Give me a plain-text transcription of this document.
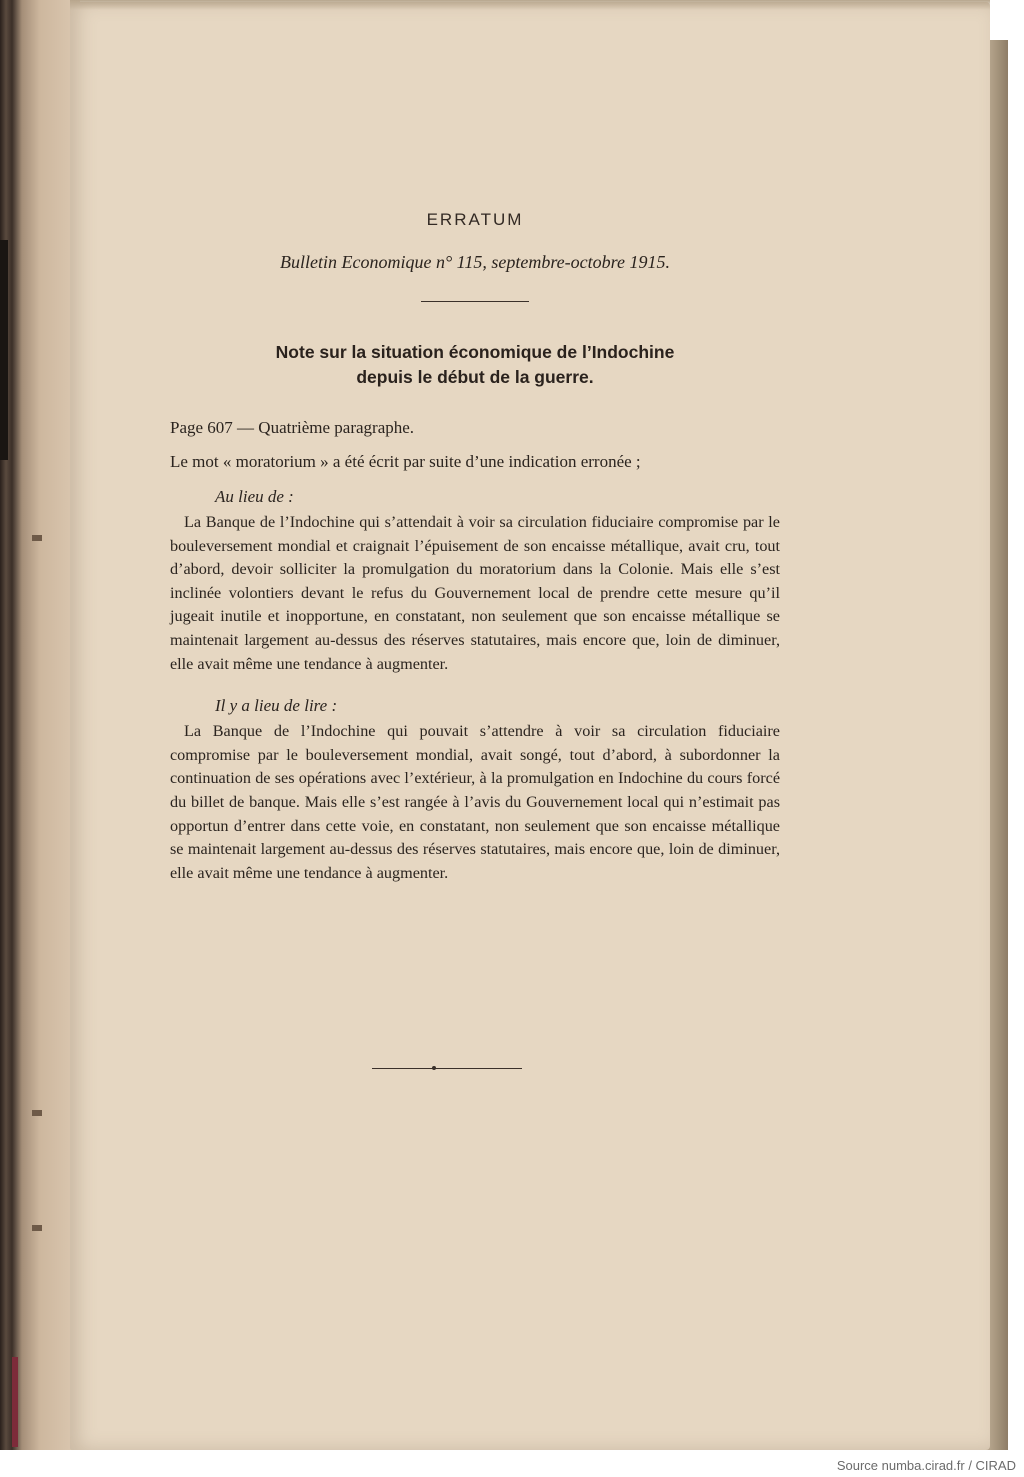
ERRATUM

Bulletin Economique n° 115, septembre-octobre 1915.

Note sur la situation économique de l’Indochine
depuis le début de la guerre.

Page 607 — Quatrième paragraphe.

Le mot « moratorium » a été écrit par suite d’une indication erronée ;

Au lieu de :

La Banque de l’Indochine qui s’attendait à voir sa circulation fiduciaire compromise par le bouleversement mondial et craignait l’épuisement de son encaisse métallique, avait cru, tout d’abord, devoir solliciter la promulgation du moratorium dans la Colonie. Mais elle s’est inclinée volontiers devant le refus du Gouvernement local de prendre cette mesure qu’il jugeait inutile et inopportune, en constatant, non seulement que son encaisse métallique se maintenait largement au-dessus des réserves statutaires, mais encore que, loin de diminuer, elle avait même une tendance à augmenter.

Il y a lieu de lire :

La Banque de l’Indochine qui pouvait s’attendre à voir sa circulation fiduciaire compromise par le bouleversement mondial, avait songé, tout d’abord, à subordonner la continuation de ses opérations avec l’extérieur, à la promulgation en Indochine du cours forcé du billet de banque. Mais elle s’est rangée à l’avis du Gouvernement local qui n’estimait pas opportun d’entrer dans cette voie, en constatant, non seulement que son encaisse métallique se maintenait largement au-dessus des réserves statutaires, mais encore que, loin de diminuer, elle avait même une tendance à augmenter.

Source numba.cirad.fr / CIRAD
